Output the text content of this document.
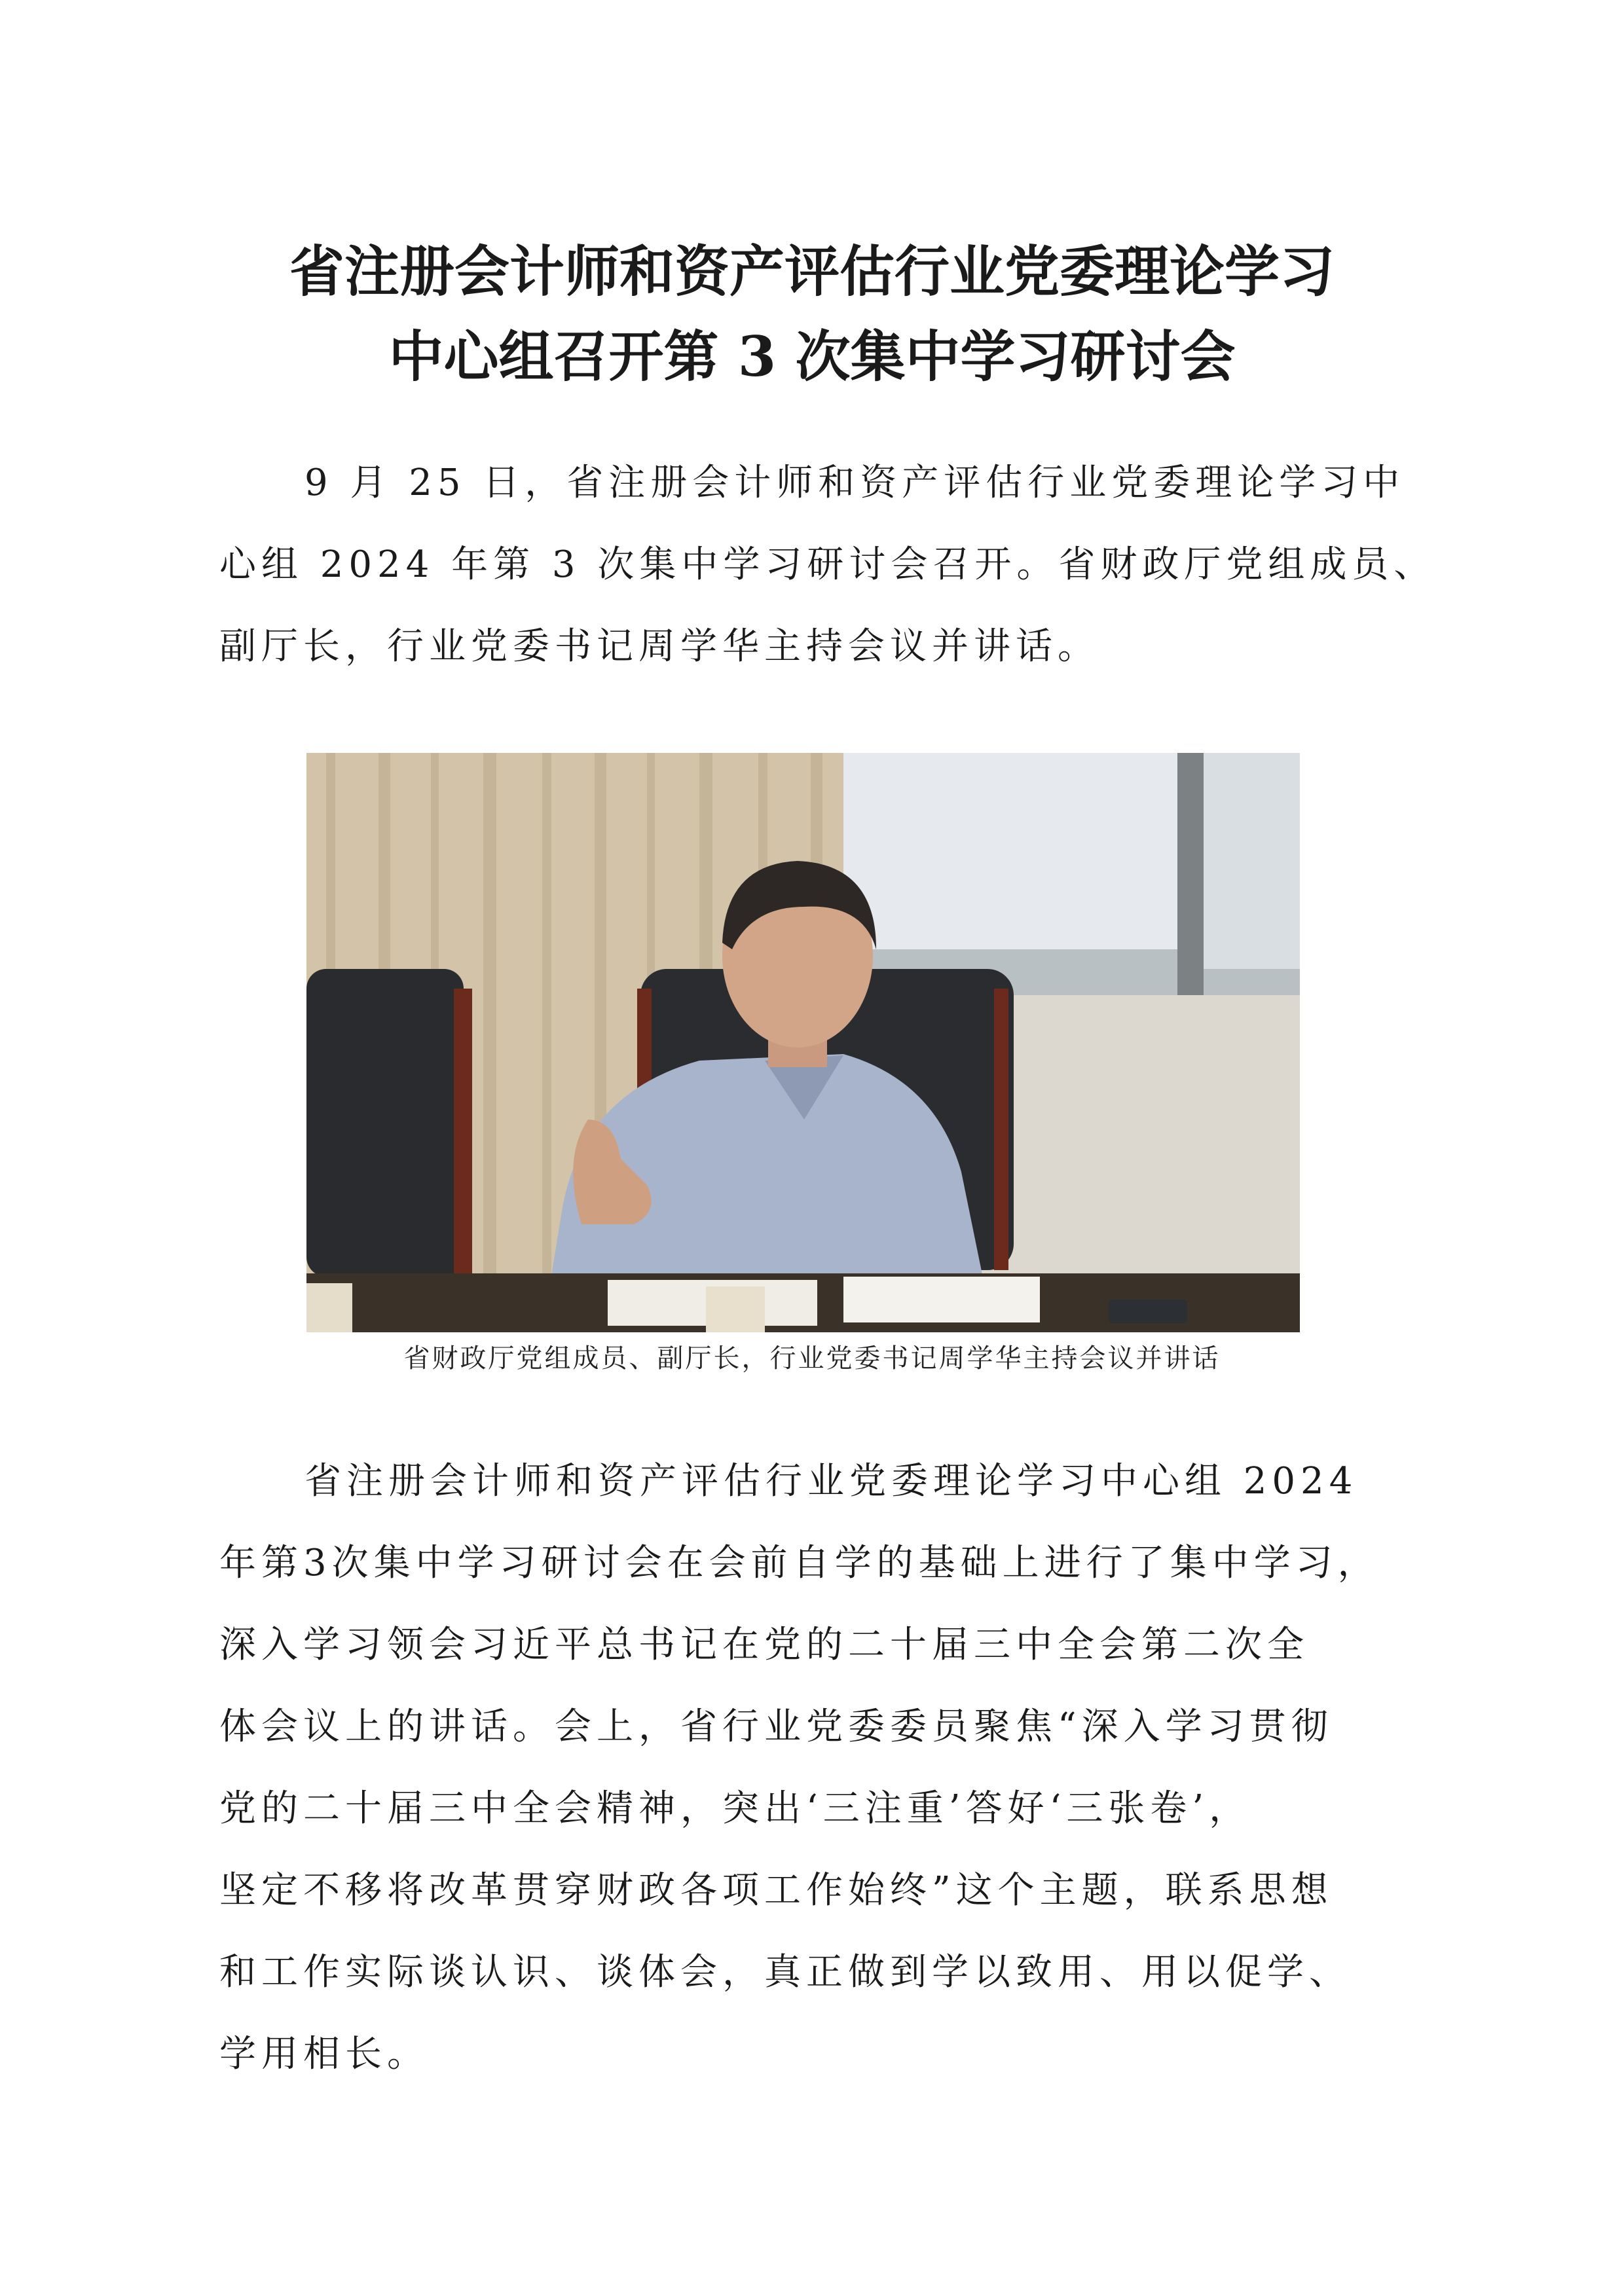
省注册会计师和资产评估行业党委理论学习
中心组召开第 3 次集中学习研讨会

9 月 25 日，省注册会计师和资产评估行业党委理论学习中
心组 2024 年第 3 次集中学习研讨会召开。省财政厅党组成员、
副厅长，行业党委书记周学华主持会议并讲话。

省财政厅党组成员、副厅长，行业党委书记周学华主持会议并讲话

省注册会计师和资产评估行业党委理论学习中心组 2024
年第3次集中学习研讨会在会前自学的基础上进行了集中学习，
深入学习领会习近平总书记在党的二十届三中全会第二次全
体会议上的讲话。会上，省行业党委委员聚焦“深入学习贯彻
党的二十届三中全会精神，突出‘三注重’答好‘三张卷’，
坚定不移将改革贯穿财政各项工作始终”这个主题，联系思想
和工作实际谈认识、谈体会，真正做到学以致用、用以促学、
学用相长。
